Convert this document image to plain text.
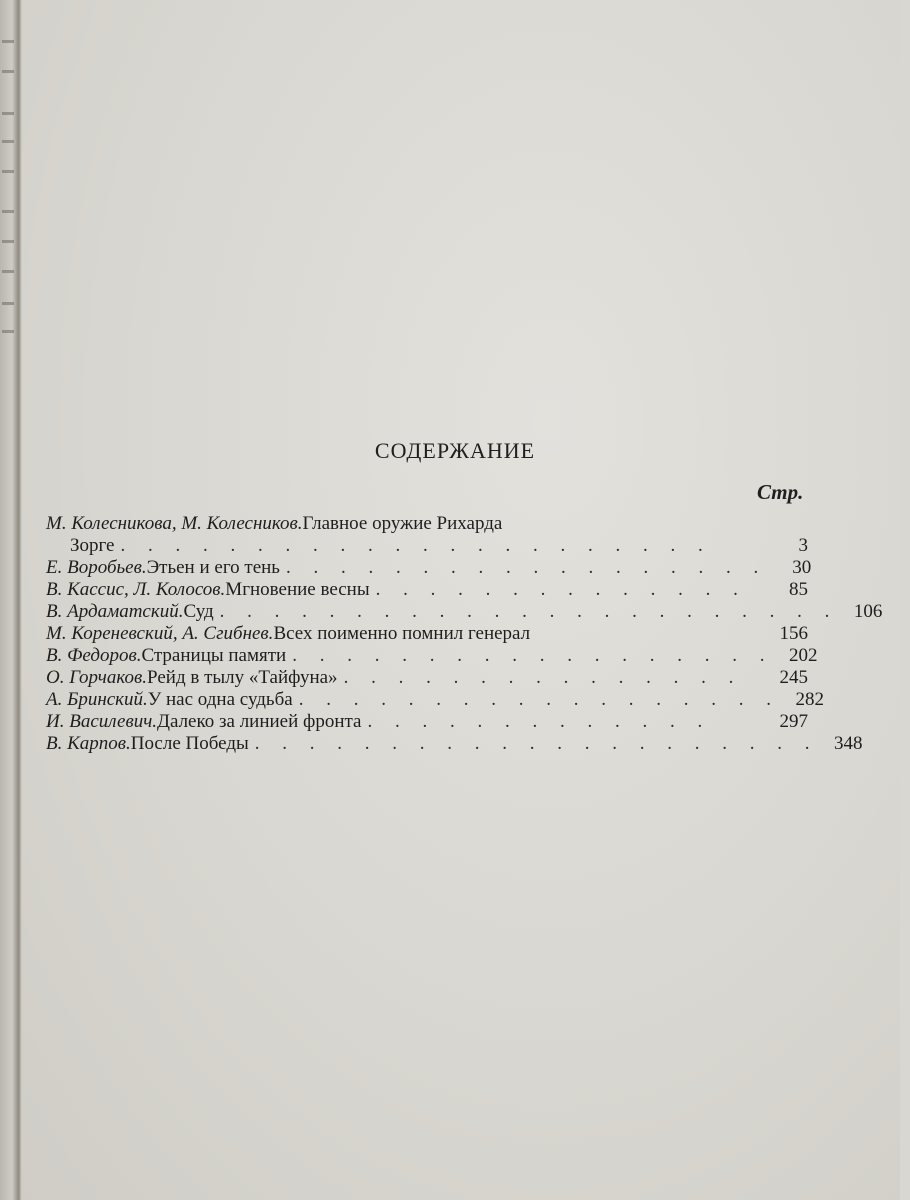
СОДЕРЖАНИЕ
Стр.
М. Колесникова, М. Колесников. Главное оружие Рихарда
Зорге . . . . . . . . . . . . . . . . . . . . . .	3
Е. Воробьев. Этьен и его тень . . . . . . . . . . . . . . . . . .	30
В. Кассис, Л. Колосов. Мгновение весны . . . . . . . . . . . . . .	85
В. Ардаматский. Суд . . . . . . . . . . . . . . . . . . . . . . . 106
М. Кореневский, А. Сгибнев. Всех поименно помнил генерал	156
В. Федоров. Страницы памяти . . . . . . . . . . . . . . . . . . 202
О. Горчаков. Рейд в тылу «Тайфуна» . . . . . . . . . . . . . . .	245
А. Бринский. У нас одна судьба . . . . . . . . . . . . . . . . . . 282
И. Василевич. Далеко за линией фронта . . . . . . . . . . . . .	297
В. Карпов. После Победы . . . . . . . . . . . . . . . . . . . . . 348
